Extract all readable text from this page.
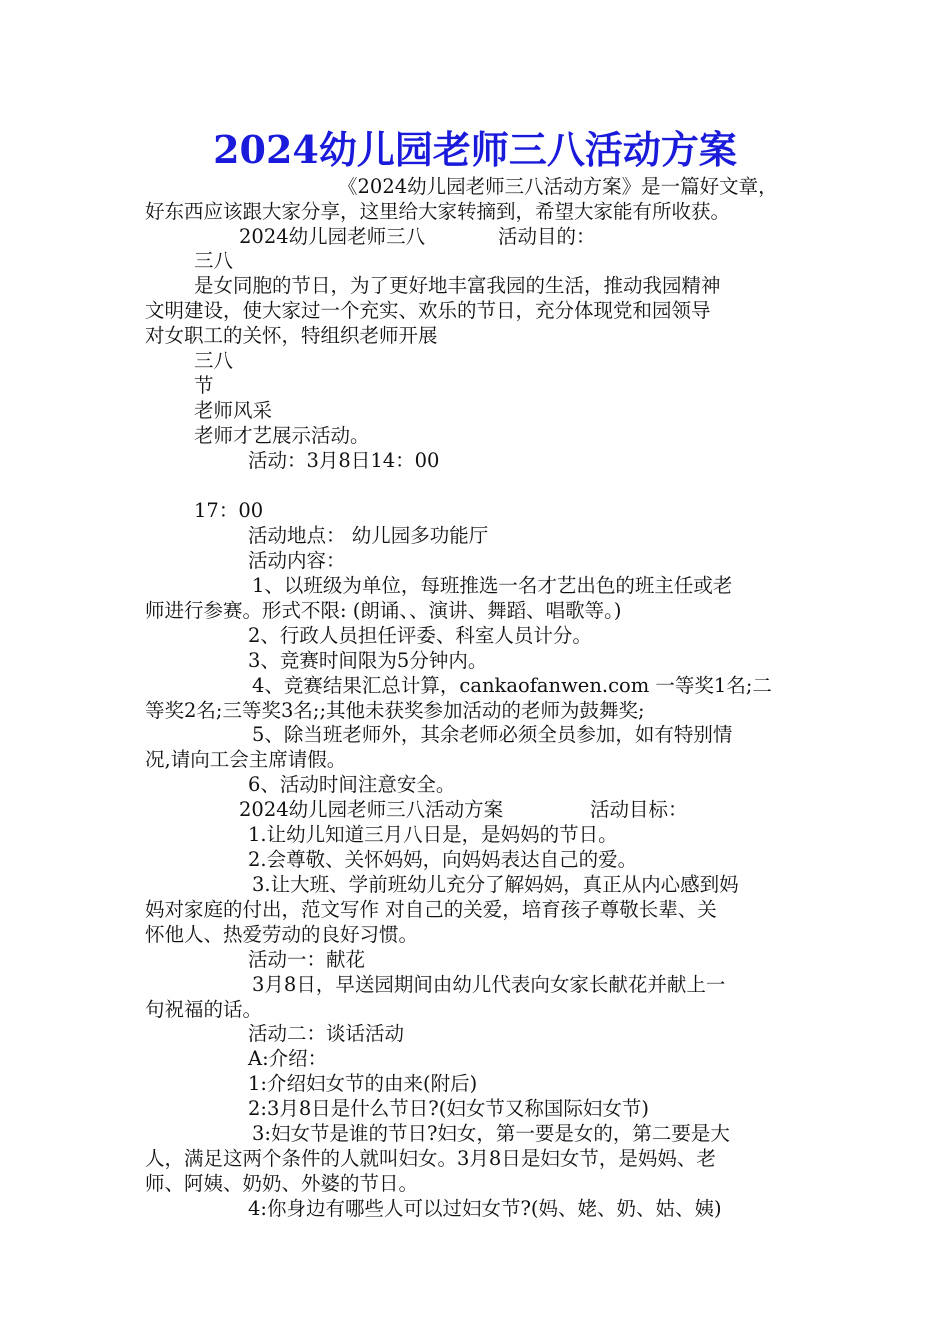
2024幼儿园老师三八活动方案
《2024幼儿园老师三八活动方案》是一篇好文章，
好东西应该跟大家分享，这里给大家转摘到，希望大家能有所收获。
2024幼儿园老师三八	活动目的：
三八
是女同胞的节日，为了更好地丰富我园的生活，推动我园精神
文明建设，使大家过一个充实、欢乐的节日，充分体现党和园领导
对女职工的关怀，特组织老师开展
三八
节
老师风采
老师才艺展示活动。
活动：3月8日14：00
17：00
活动地点： 幼儿园多功能厅
活动内容：
1、以班级为单位，每班推选一名才艺出色的班主任或老
师进行参赛。形式不限: (朗诵、、演讲、舞蹈、唱歌等。)
2、行政人员担任评委、科室人员计分。
3、竞赛时间限为5分钟内。
4、竞赛结果汇总计算，cankaofanwen.com 一等奖1名;二
等奖2名;三等奖3名;;其他未获奖参加活动的老师为鼓舞奖;
5、除当班老师外，其余老师必须全员参加，如有特别情
况,请向工会主席请假。
6、活动时间注意安全。
2024幼儿园老师三八活动方案	活动目标：
1.让幼儿知道三月八日是，是妈妈的节日。
2.会尊敬、关怀妈妈，向妈妈表达自己的爱。
3.让大班、学前班幼儿充分了解妈妈，真正从内心感到妈
妈对家庭的付出，范文写作 对自己的关爱，培育孩子尊敬长辈、关
怀他人、热爱劳动的良好习惯。
活动一：献花
3月8日，早送园期间由幼儿代表向女家长献花并献上一
句祝福的话。
活动二：谈话活动
A:介绍：
1:介绍妇女节的由来(附后)
2:3月8日是什么节日?(妇女节又称国际妇女节)
3:妇女节是谁的节日?妇女，第一要是女的，第二要是大
人，满足这两个条件的人就叫妇女。3月8日是妇女节，是妈妈、老
师、阿姨、奶奶、外婆的节日。
4:你身边有哪些人可以过妇女节?(妈、姥、奶、姑、姨)
